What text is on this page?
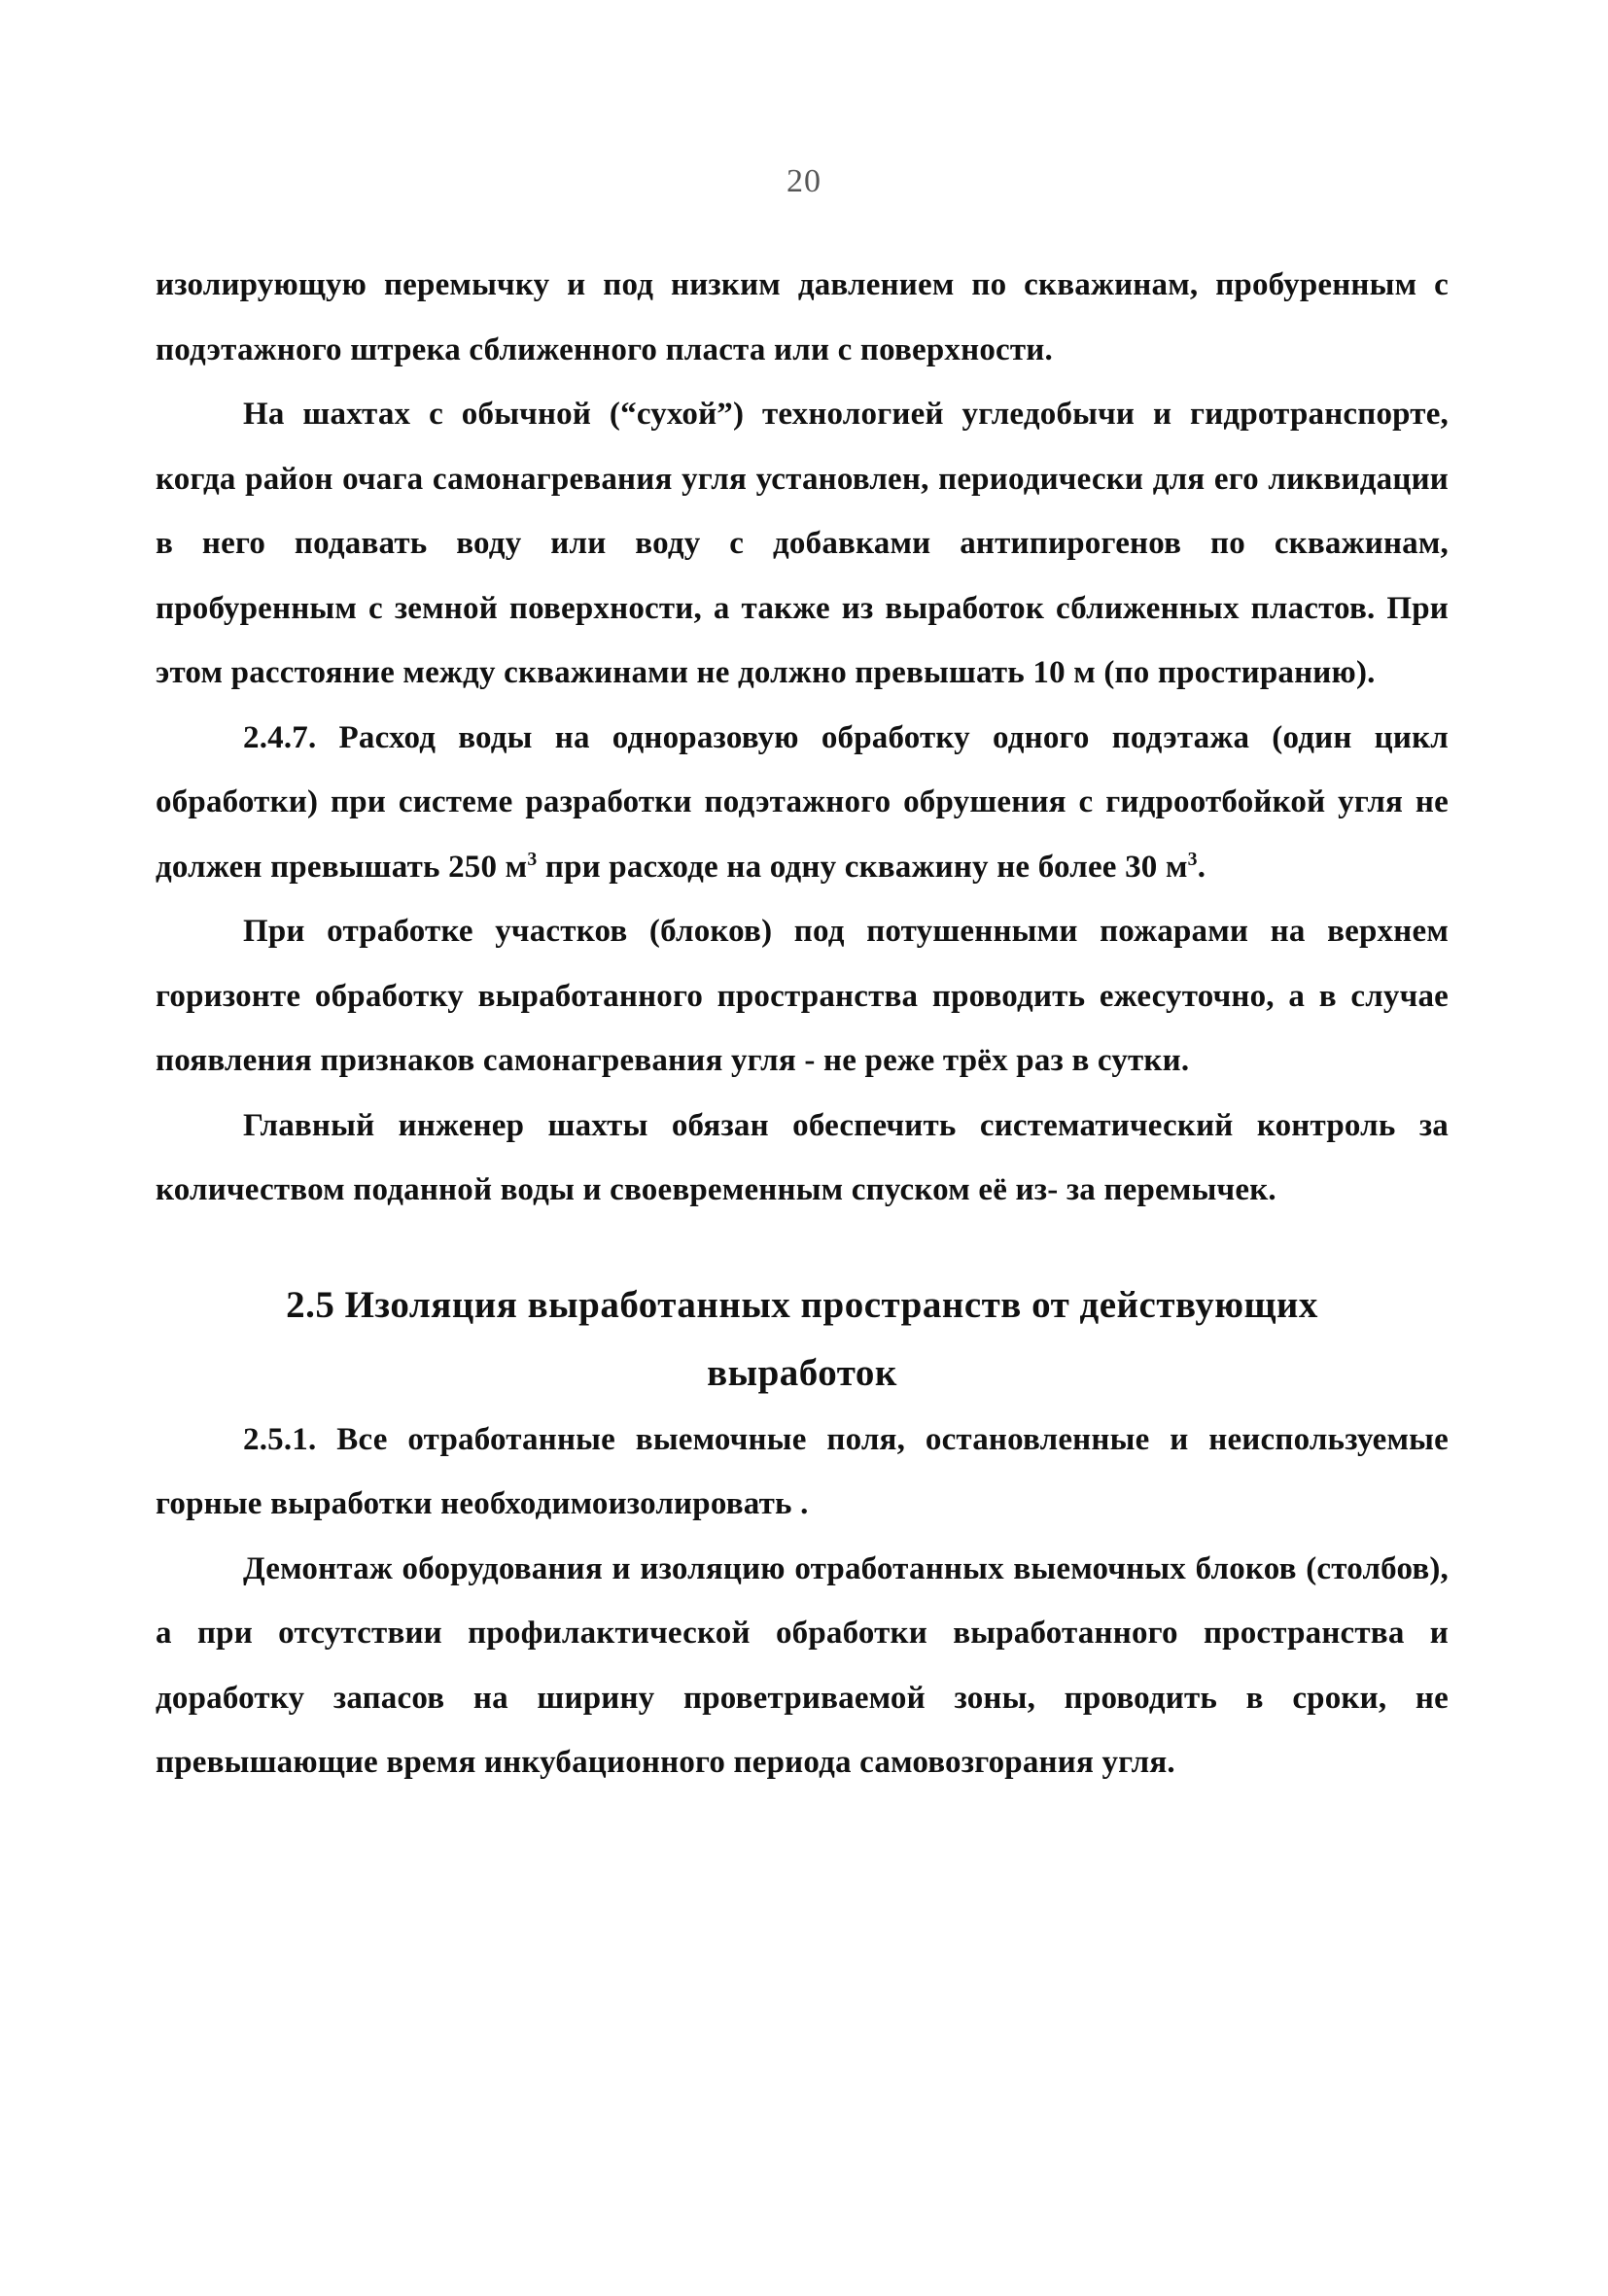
20

изолирующую перемычку и под низким давлением по скважинам, пробуренным с подэтажного штрека сближенного пласта или с поверхности.

На шахтах с обычной (“сухой”) технологией угледобычи и гидротранспорте, когда район очага самонагревания угля установлен, периодически для его ликвидации в него подавать воду или воду с добавками антипирогенов по скважинам, пробуренным с земной поверхности, а также из выработок сближенных пластов. При этом расстояние между скважинами не должно превышать 10 м (по простиранию).

2.4.7. Расход воды на одноразовую обработку одного подэтажа (один цикл обработки) при системе разработки подэтажного обрушения с гидроотбойкой угля не должен превышать 250 $м^3$ при расходе на одну скважину не более 30 $м^3$.

При отработке участков (блоков) под потушенными пожарами на верхнем горизонте обработку выработанного пространства проводить ежесуточно, а в случае появления признаков самонагревания угля - не реже трёх раз в сутки.

Главный инженер шахты обязан обеспечить систематический контроль за количеством поданной воды и своевременным спуском её из- за перемычек.

2.5 Изоляция выработанных пространств от действующих
выработок

2.5.1. Все отработанные выемочные поля, остановленные и неиспользуемые горные выработки необходимоизолировать .

Демонтаж оборудования и изоляцию отработанных выемочных блоков (столбов), а при отсутствии профилактической обработки выработанного пространства и доработку запасов на ширину проветриваемой зоны, проводить в сроки, не превышающие время инкубационного периода самовозгорания угля.
